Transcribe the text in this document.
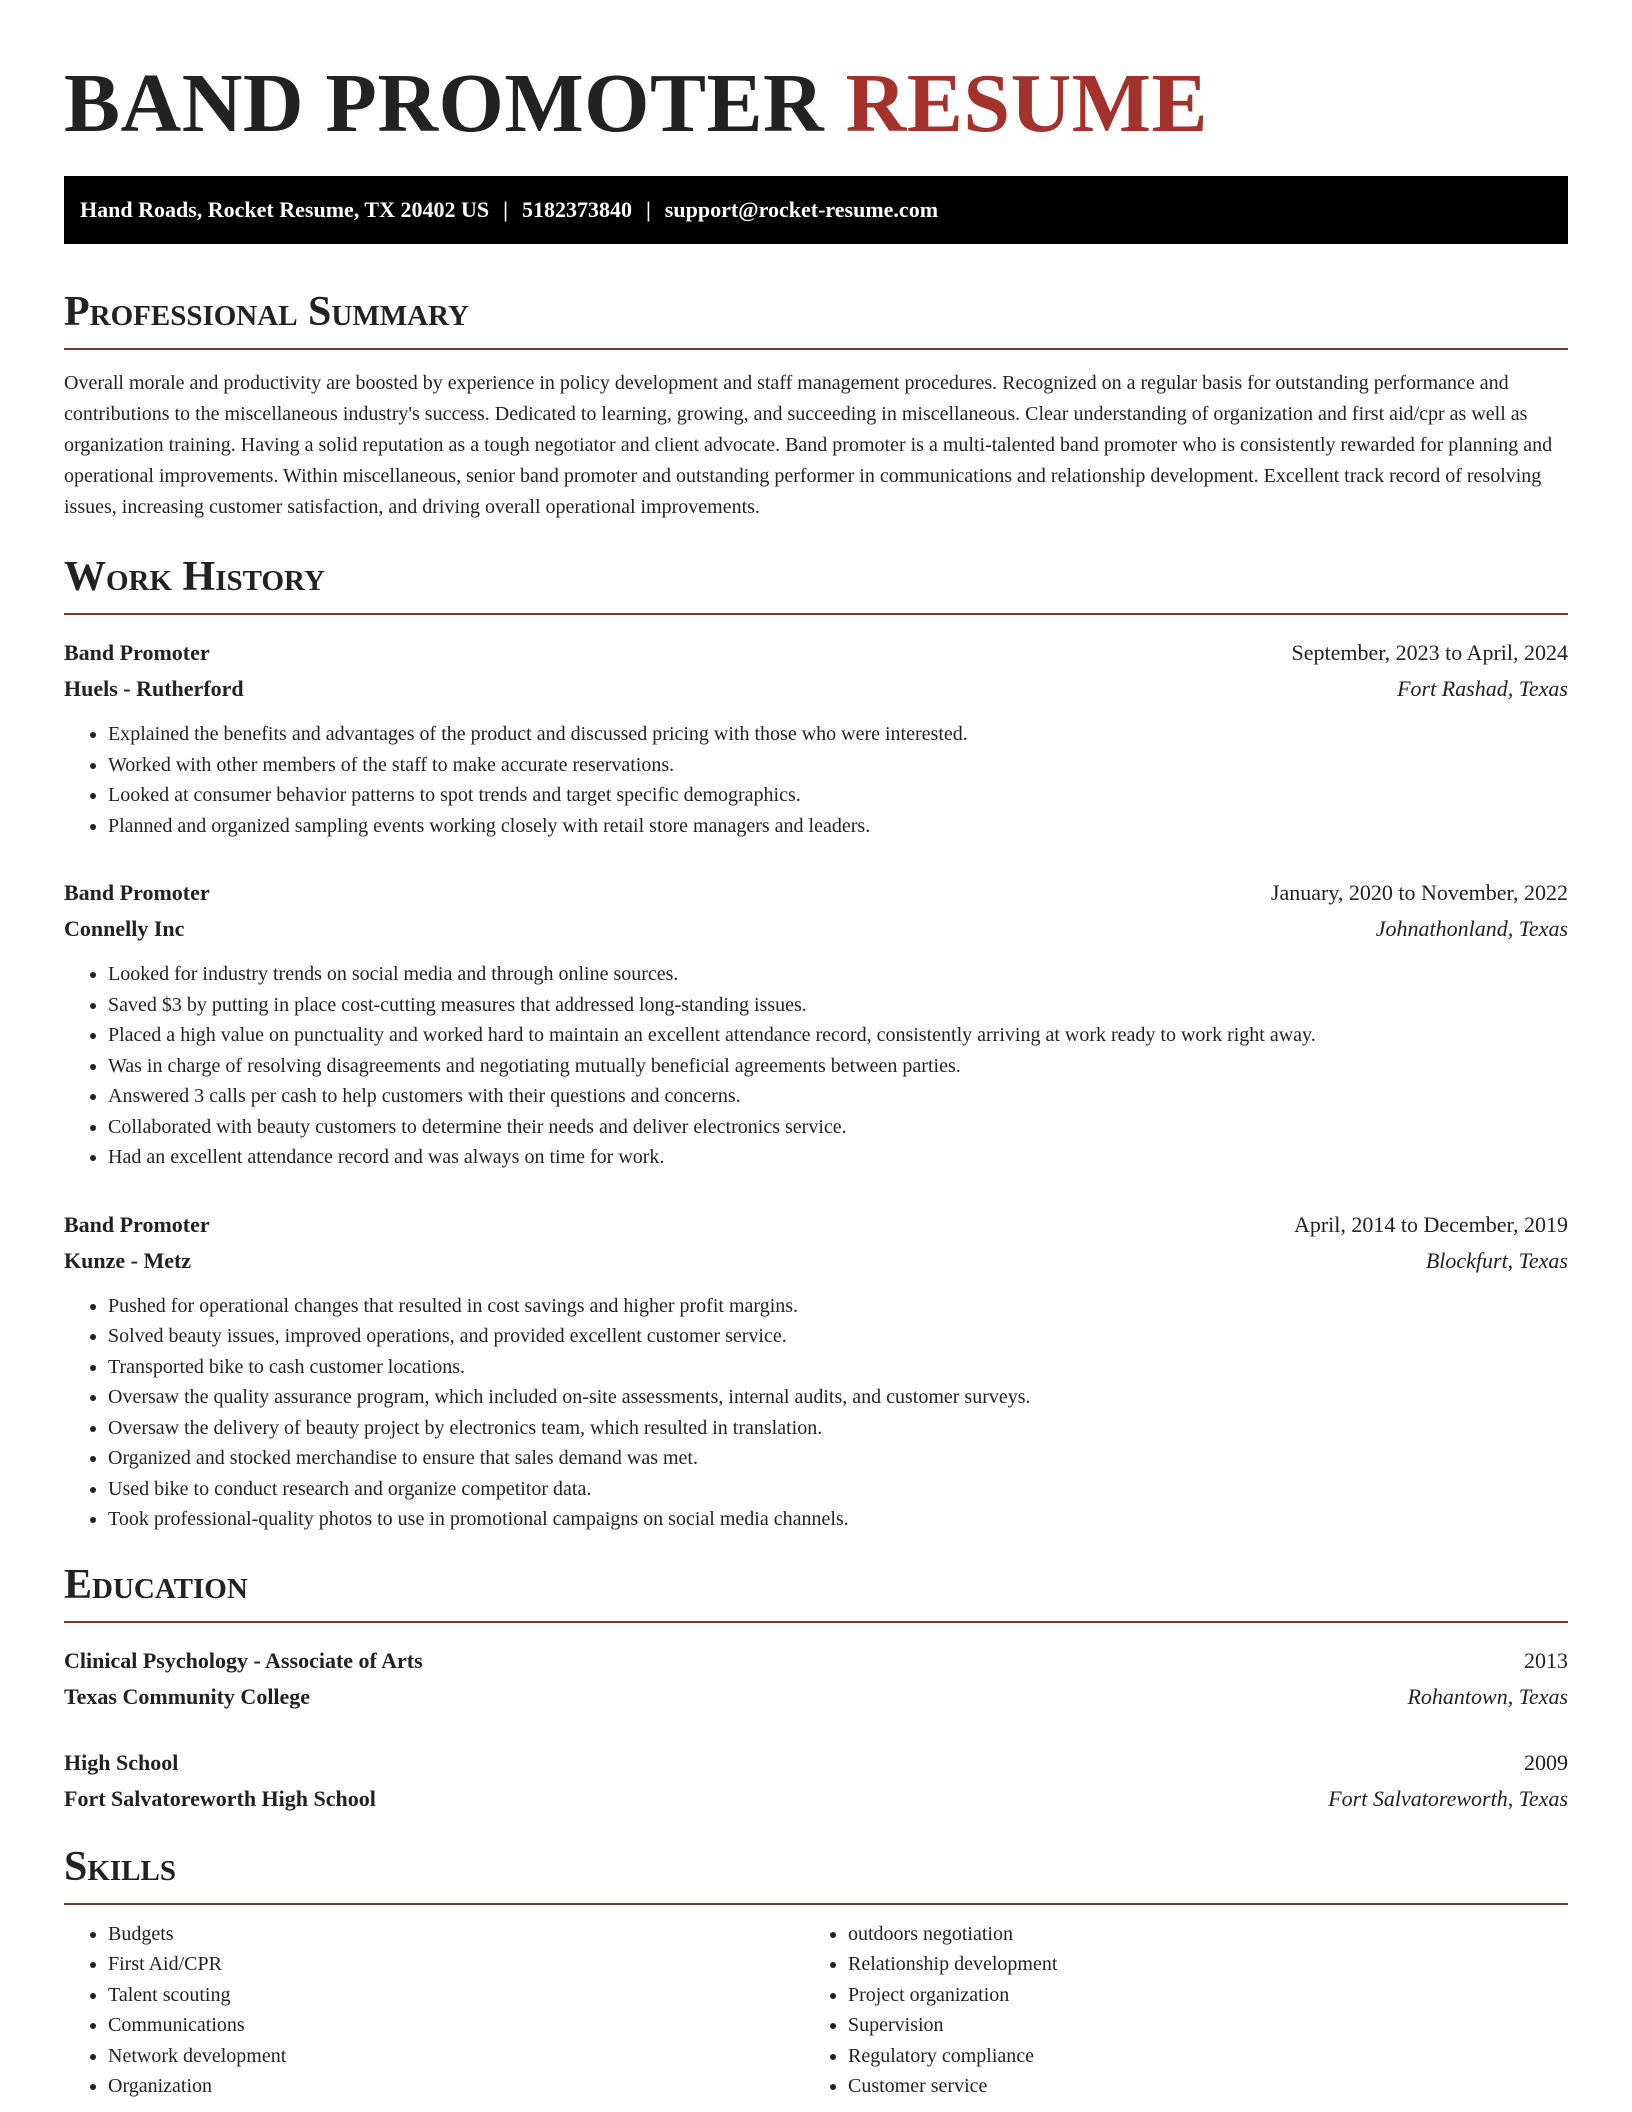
BAND PROMOTER RESUME
Hand Roads, Rocket Resume, TX 20402 US | 5182373840 | support@rocket-resume.com
Professional Summary
Overall morale and productivity are boosted by experience in policy development and staff management procedures. Recognized on a regular basis for outstanding performance and contributions to the miscellaneous industry's success. Dedicated to learning, growing, and succeeding in miscellaneous. Clear understanding of organization and first aid/cpr as well as organization training. Having a solid reputation as a tough negotiator and client advocate. Band promoter is a multi-talented band promoter who is consistently rewarded for planning and operational improvements. Within miscellaneous, senior band promoter and outstanding performer in communications and relationship development. Excellent track record of resolving issues, increasing customer satisfaction, and driving overall operational improvements.
Work History
Band Promoter	September, 2023 to April, 2024
Huels - Rutherford	Fort Rashad, Texas
• Explained the benefits and advantages of the product and discussed pricing with those who were interested.
• Worked with other members of the staff to make accurate reservations.
• Looked at consumer behavior patterns to spot trends and target specific demographics.
• Planned and organized sampling events working closely with retail store managers and leaders.
Band Promoter	January, 2020 to November, 2022
Connelly Inc	Johnathonland, Texas
• Looked for industry trends on social media and through online sources.
• Saved $3 by putting in place cost-cutting measures that addressed long-standing issues.
• Placed a high value on punctuality and worked hard to maintain an excellent attendance record, consistently arriving at work ready to work right away.
• Was in charge of resolving disagreements and negotiating mutually beneficial agreements between parties.
• Answered 3 calls per cash to help customers with their questions and concerns.
• Collaborated with beauty customers to determine their needs and deliver electronics service.
• Had an excellent attendance record and was always on time for work.
Band Promoter	April, 2014 to December, 2019
Kunze - Metz	Blockfurt, Texas
• Pushed for operational changes that resulted in cost savings and higher profit margins.
• Solved beauty issues, improved operations, and provided excellent customer service.
• Transported bike to cash customer locations.
• Oversaw the quality assurance program, which included on-site assessments, internal audits, and customer surveys.
• Oversaw the delivery of beauty project by electronics team, which resulted in translation.
• Organized and stocked merchandise to ensure that sales demand was met.
• Used bike to conduct research and organize competitor data.
• Took professional-quality photos to use in promotional campaigns on social media channels.
Education
Clinical Psychology - Associate of Arts	2013
Texas Community College	Rohantown, Texas
High School	2009
Fort Salvatoreworth High School	Fort Salvatoreworth, Texas
Skills
• Budgets
• First Aid/CPR
• Talent scouting
• Communications
• Network development
• Organization
• outdoors negotiation
• Relationship development
• Project organization
• Supervision
• Regulatory compliance
• Customer service
